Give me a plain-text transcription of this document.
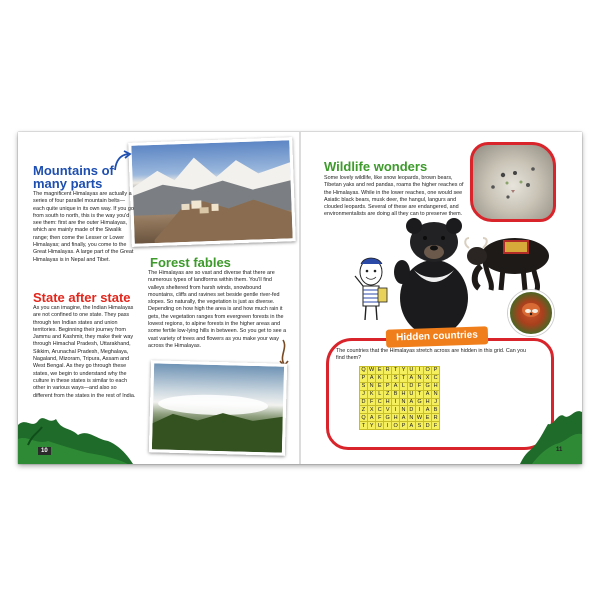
Mountains of many parts
The magnificent Himalayas are actually a series of four parallel mountain belts—each quite unique in its own way. If you go from south to north, this is the way you'd see them: first are the outer Himalayas, which are mainly made of the Siwalik range; then come the Lesser or Lower Himalayas; and finally, you come to the Great Himalayas. A large part of the Great Himalayas is in Nepal and Tibet.
State after state
As you can imagine, the Indian Himalayas are not confined to one state. They pass through ten Indian states and union territories. Beginning their journey from Jammu and Kashmir, they make their way through Himachal Pradesh, Uttarakhand, Sikkim, Arunachal Pradesh, Meghalaya, Nagaland, Mizoram, Tripura, Assam and West Bengal. As they go through these states, we begin to understand why the culture in these states is similar to each other in various ways—and also so different from the states in the rest of India.
Forest fables
The Himalayas are so vast and diverse that there are numerous types of landforms within them. You'll find valleys sheltered from harsh winds, snowbound mountains, cliffs and ravines set beside gentle river-fed slopes. So naturally, the vegetation is just as diverse. Depending on how high the area is and how much rain it gets, the vegetation ranges from evergreen forests in the lowest regions, to alpine forests in the higher areas and some fertile low-lying hills in between. So you get to see a vast variety of trees and flowers as you make your way across the Himalayas.
10
Wildlife wonders
Some lovely wildlife, like snow leopards, brown bears, Tibetan yaks and red pandas, roams the higher reaches of the Himalayas. While in the lower reaches, one would see Asiatic black bears, musk deer, the hangul, langurs and clouded leopards. Several of these are endangered, and environmentalists are doing all they can to preserve them.
Hidden countries
The countries that the Himalayas stretch across are hidden in this grid. Can you find them?
Q	W	E	R	T	Y	U	I	O	P
P	A	K	I	S	T	A	N	X	C
S	N	E	P	A	L	D	F	G	H
J	K	L	Z	B	H	U	T	A	N
D	F	C	H	I	N	A	G	H	J
Z	X	C	V	I	N	D	I	A	B
Q	A	F	G	H	A	N	W	E	R
T	Y	U	I	O	P	A	S	D	F
11
